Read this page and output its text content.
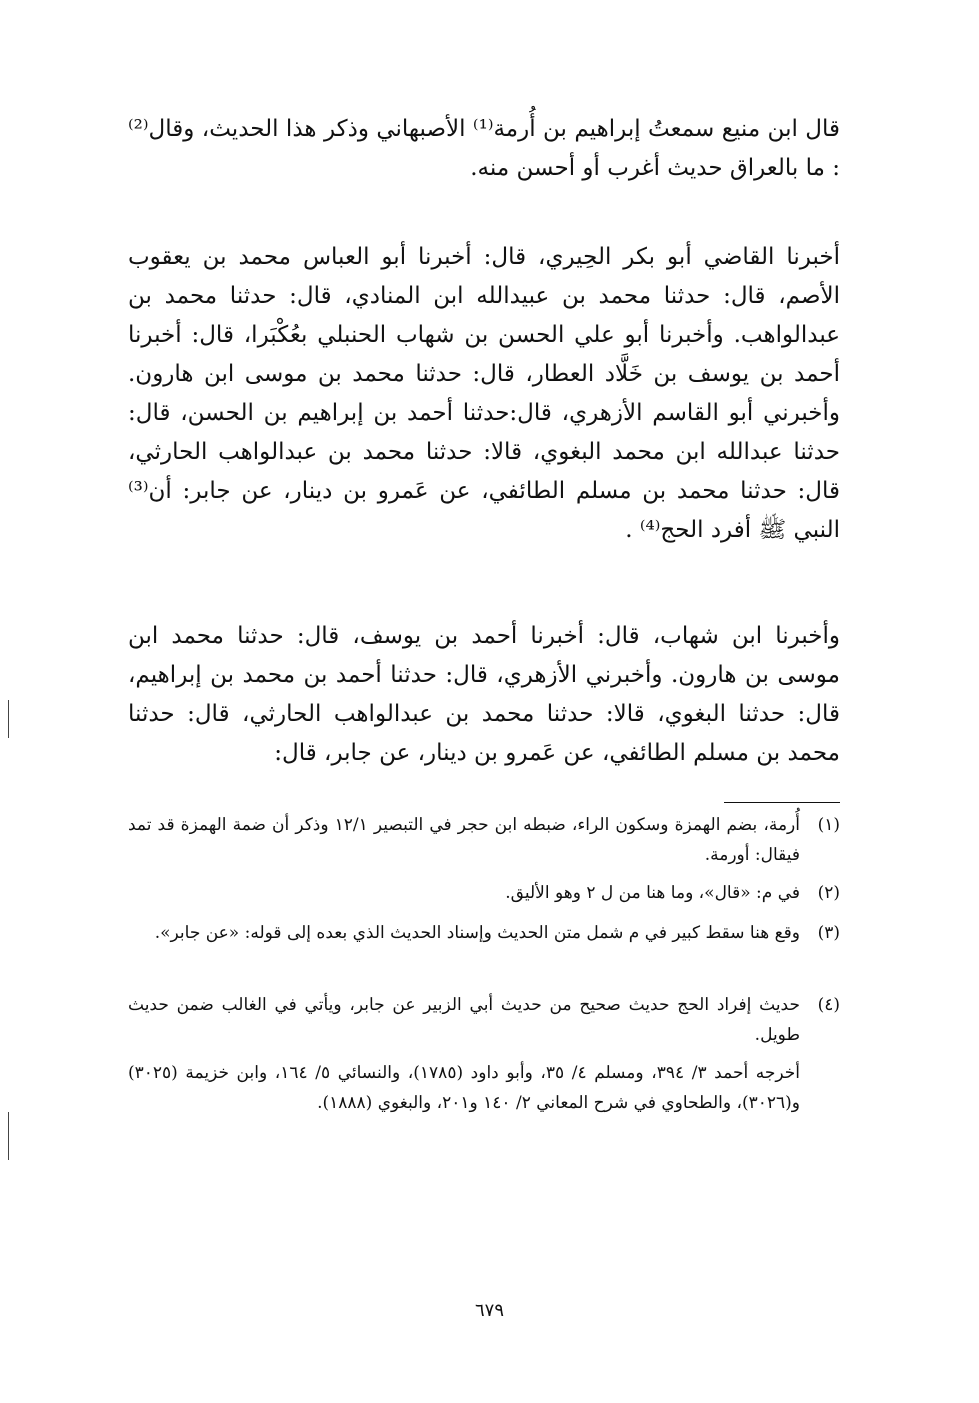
قال ابن منيع سمعتُ إبراهيم بن أُرمة⁽¹⁾ الأصبهاني وذكر هذا الحديث، وقال⁽²⁾ : ما بالعراق حديث أغرب أو أحسن منه.

أخبرنا القاضي أبو بكر الحِيري، قال: أخبرنا أبو العباس محمد بن يعقوب الأصم، قال: حدثنا محمد بن عبيدالله ابن المنادي، قال: حدثنا محمد بن عبدالواهب. وأخبرنا أبو علي الحسن بن شهاب الحنبلي بعُكْبَرا، قال: أخبرنا أحمد بن يوسف بن خَلَّاد العطار، قال: حدثنا محمد بن موسى ابن هارون. وأخبرني أبو القاسم الأزهري، قال:حدثنا أحمد بن إبراهيم بن الحسن، قال: حدثنا عبدالله ابن محمد البغوي، قالا: حدثنا محمد بن عبدالواهب الحارثي، قال: حدثنا محمد بن مسلم الطائفي، عن عَمرو بن دينار، عن جابر: أن⁽³⁾ النبي ﷺ أفرد الحج⁽⁴⁾ .

وأخبرنا ابن شهاب، قال: أخبرنا أحمد بن يوسف، قال: حدثنا محمد ابن موسى بن هارون. وأخبرني الأزهري، قال: حدثنا أحمد بن محمد بن إبراهيم، قال: حدثنا البغوي، قالا: حدثنا محمد بن عبدالواهب الحارثي، قال: حدثنا محمد بن مسلم الطائفي، عن عَمرو بن دينار، عن جابر، قال:

(١)
أُرمة، بضم الهمزة وسكون الراء، ضبطه ابن حجر في التبصير ١٢/١ وذكر أن ضمة الهمزة قد تمد فيقال: أورمة.
(٢)
في م: «قال»، وما هنا من ل ٢ وهو الأليق.
(٣)
وقع هنا سقط كبير في م شمل متن الحديث وإسناد الحديث الذي بعده إلى قوله: «عن جابر».
(٤)
حديث إفراد الحج حديث صحيح من حديث أبي الزبير عن جابر، ويأتي في الغالب ضمن حديث طويل.
أخرجه أحمد ٣/ ٣٩٤، ومسلم ٤/ ٣٥، وأبو داود (١٧٨٥)، والنسائي ٥/ ١٦٤، وابن خزيمة (٣٠٢٥) و(٣٠٢٦)، والطحاوي في شرح المعاني ٢/ ١٤٠ و٢٠١، والبغوي (١٨٨٨).
٦٧٩
